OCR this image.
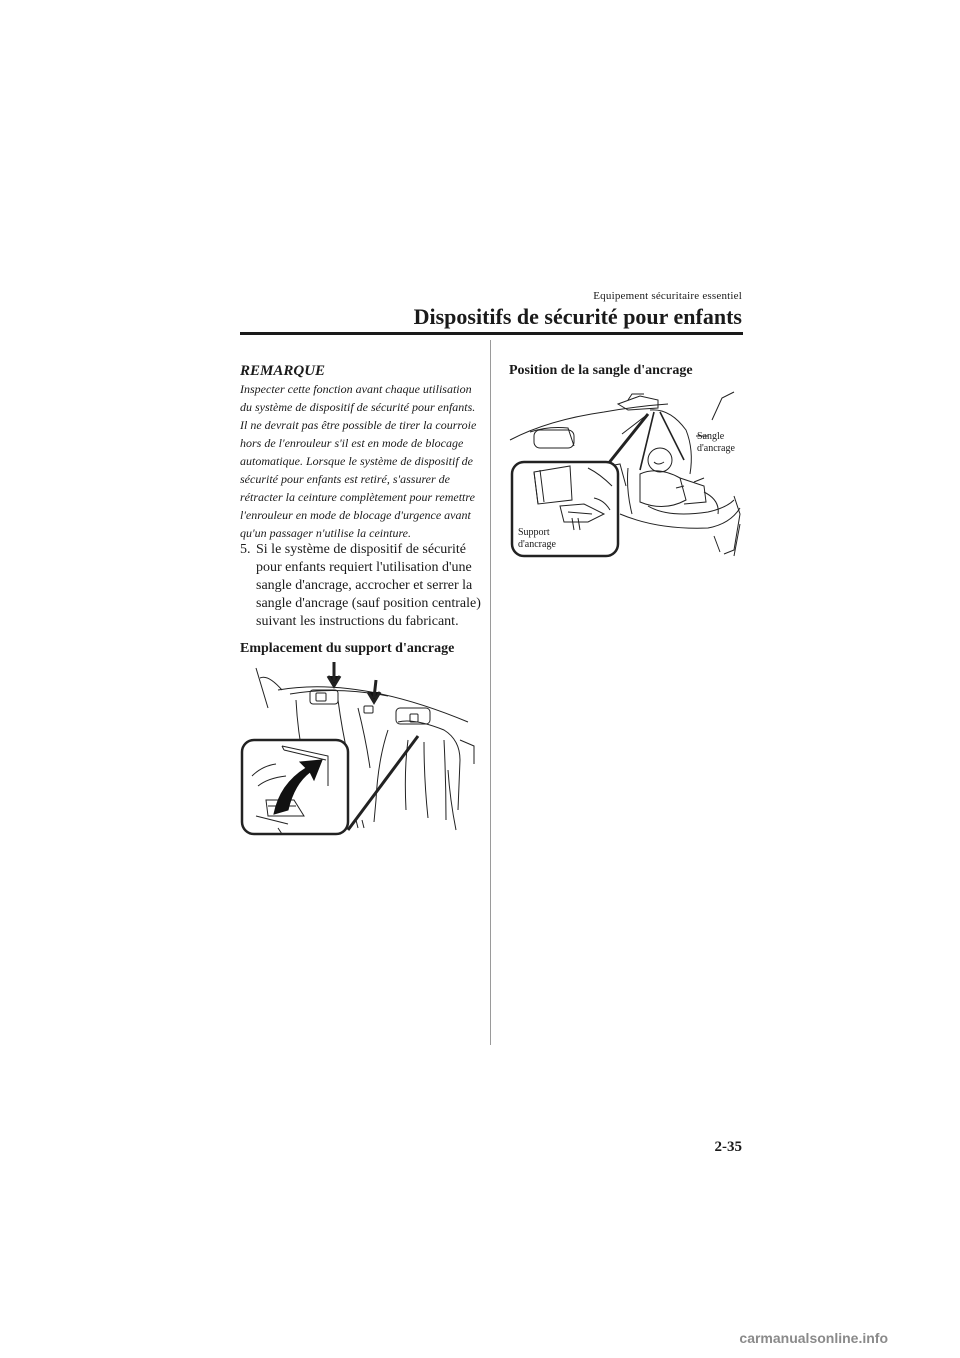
Equipement sécuritaire essentiel
Dispositifs de sécurité pour enfants
REMARQUE
Inspecter cette fonction avant chaque utilisation du système de dispositif de sécurité pour enfants. Il ne devrait pas être possible de tirer la courroie hors de l'enrouleur s'il est en mode de blocage automatique. Lorsque le système de dispositif de sécurité pour enfants est retiré, s'assurer de rétracter la ceinture complètement pour remettre l'enrouleur en mode de blocage d'urgence avant qu'un passager n'utilise la ceinture.
5. Si le système de dispositif de sécurité pour enfants requiert l'utilisation d'une sangle d'ancrage, accrocher et serrer la sangle d'ancrage (sauf position centrale) suivant les instructions du fabricant.
Emplacement du support d'ancrage
Position de la sangle d'ancrage
Sangle
d'ancrage
Support
d'ancrage
2-35
carmanualsonline.info
